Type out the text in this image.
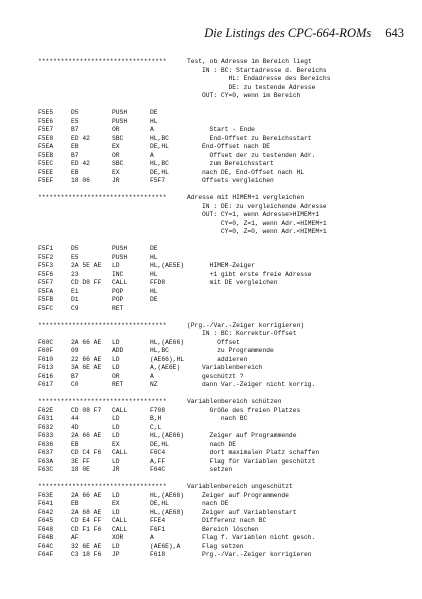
Die Listings des CPC-664-ROMs 643
**********************************	Test, ob Adresse im Bereich liegt
IN : BC: Startadresse d. Bereichs
HL: Endadresse des Bereichs
DE: zu testende Adresse
OUT: CY=0, wenn im Bereich
F5E5	D5	PUSH	DE
F5E6	E5	PUSH	HL
F5E7	B7	OR	A	Start - Ende
F5E8	ED 42	SBC	HL,BC	End-Offset zu Bereichsstart
F5EA	EB	EX	DE,HL	End-Offset nach DE
F5EB	B7	OR	A	Offset der zu testenden Adr.
F5EC	ED 42	SBC	HL,BC	zum Bereichsstart
F5EE	EB	EX	DE,HL	nach DE, End-Offset nach HL
F5EF	18 06	JR	F5F7	Offsets vergleichen
**********************************	Adresse mit HIMEM+1 vergleichen
IN : DE: zu vergleichende Adresse
OUT: CY=1, wenn Adresse>HIMEM+1
CY=0, Z=1, wenn Adr.=HIMEM+1
CY=0, Z=0, wenn Adr.<HIMEM+1
F5F1	D5	PUSH	DE
F5F2	E5	PUSH	HL
F5F3	2A 5E AE LD	HL,(AE5E)	HIMEM-Zeiger
F5F6	23	INC	HL	+1 gibt erste freie Adresse
F5F7	CD D8 FF CALL	FFD8	mit DE vergleichen
F5FA	E1	POP	HL
F5FB	D1	POP	DE
F5FC	C9	RET
**********************************	(Prg.-/Var.-Zeiger korrigieren)
IN : BC: Korrektur-Offset
F60C	2A 66 AE LD	HL,(AE66)	Offset
F60F	09	ADD	HL,BC	zu Programmende
F610	22 66 AE LD	(AE66),HL	addieren
F613	3A 6E AE LD	A,(AE6E)	Variablenbereich
F616	B7	OR	A	geschützt ?
F617	C0	RET	NZ	dann Var.-Zeiger nicht korrig.
**********************************	Variablenbereich schützen
F62E	CD 08 F7 CALL	F708	Größe des freien Platzes
F631	44	LD	B,H	nach BC
F632	4D	LD	C,L
F633	2A 66 AE LD	HL,(AE66)	Zeiger auf Programmende
F636	EB	EX	DE,HL	nach DE
F637	CD C4 F6 CALL	F6C4	dort maximalen Platz schaffen
F63A	3E FF	LD	A,FF	Flag für Variablen geschützt
F63C	18 0E	JR	F64C	setzen
**********************************	Variablenbereich ungeschützt
F63E	2A 66 AE LD	HL,(AE66)	Zeiger auf Programmende
F641	EB	EX	DE,HL	nach DE
F642	2A 68 AE LD	HL,(AE68)	Zeiger auf Variablenstart
F645	CD E4 FF CALL	FFE4	Differenz nach BC
F648	CD F1 F6 CALL	F6F1	Bereich löschen
F64B	AF	XOR	A	Flag f. Variablen nicht gesch.
F64C	32 6E AE LD	(AE6E),A	Flag setzen
F64F	C3 18 F6 JP	F618	Prg.-/Var.-Zeiger korrigieren
